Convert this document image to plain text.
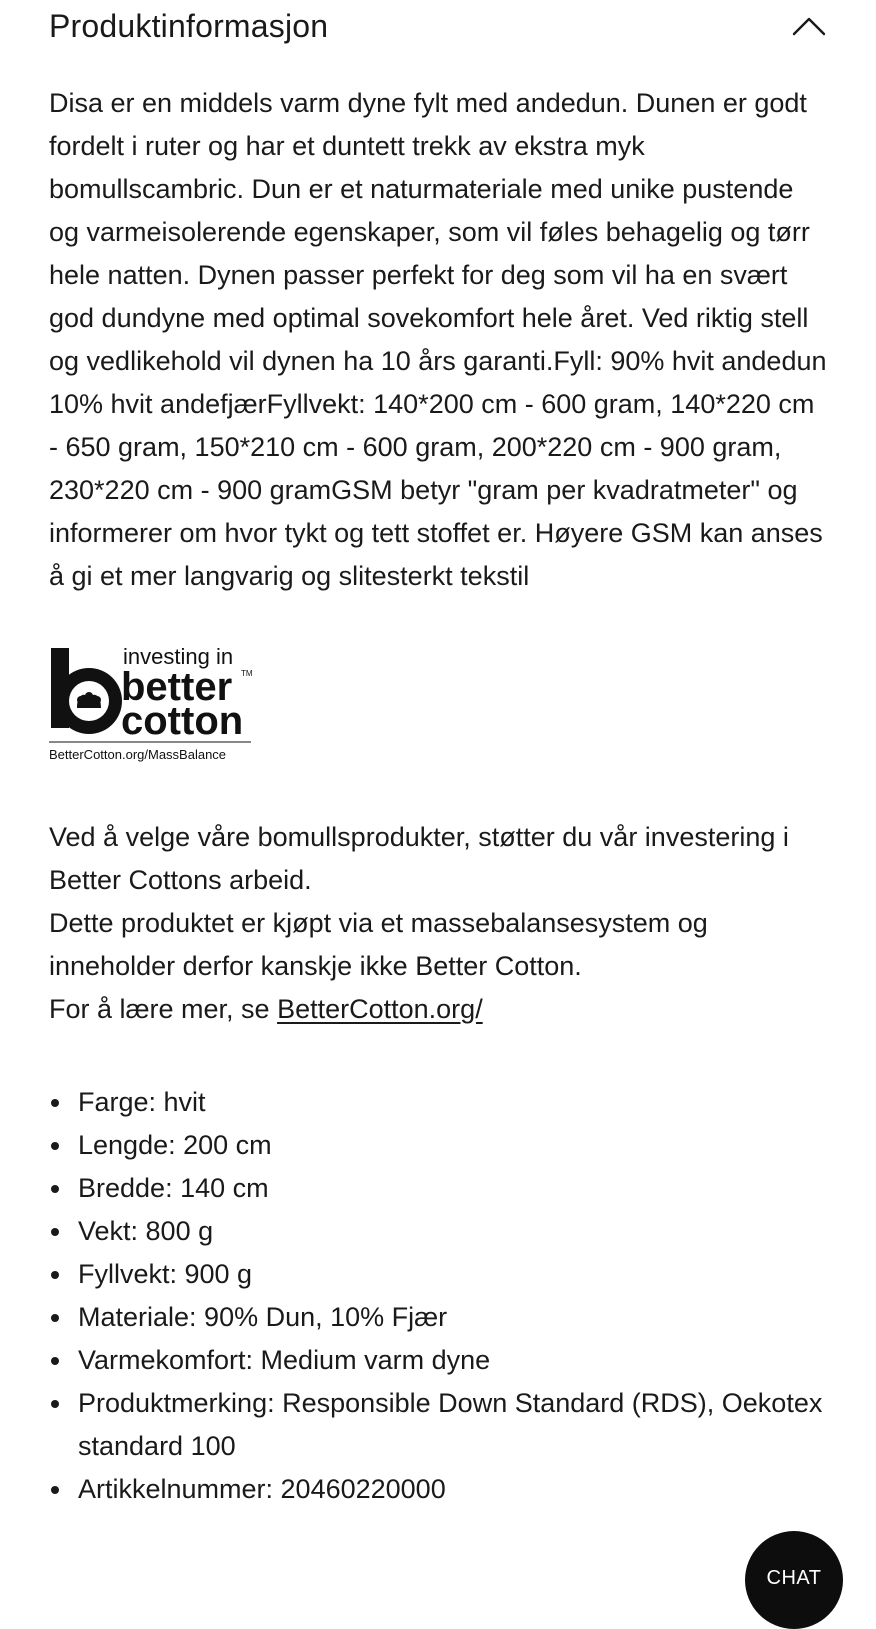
Produktinformasjon

Disa er en middels varm dyne fylt med andedun. Dunen er godt fordelt i ruter og har et duntett trekk av ekstra myk bomullscambric. Dun er et naturmateriale med unike pustende og varmeisolerende egenskaper, som vil føles behagelig og tørr hele natten. Dynen passer perfekt for deg som vil ha en svært god dundyne med optimal sovekomfort hele året. Ved riktig stell og vedlikehold vil dynen ha 10 års garanti.Fyll: 90% hvit andedun 10% hvit andefjærFyllvekt: 140*200 cm - 600 gram, 140*220 cm - 650 gram, 150*210 cm - 600 gram, 200*220 cm - 900 gram, 230*220 cm - 900 gramGSM betyr "gram per kvadratmeter" og informerer om hvor tykt og tett stoffet er. Høyere GSM kan anses å gi et mer langvarig og slitesterkt tekstil

investing in
better
cotton
TM
BetterCotton.org/MassBalance
Ved å velge våre bomullsprodukter, støtter du vår investering i Better Cottons arbeid.
Dette produktet er kjøpt via et massebalansesystem og inneholder derfor kanskje ikke Better Cotton.
For å lære mer, se BetterCotton.org/
Farge: hvit
Lengde: 200 cm
Bredde: 140 cm
Vekt: 800 g
Fyllvekt: 900 g
Materiale: 90% Dun, 10% Fjær
Varmekomfort: Medium varm dyne
Produktmerking: Responsible Down Standard (RDS), Oekotex standard 100
Artikkelnummer: 20460220000
CHAT
